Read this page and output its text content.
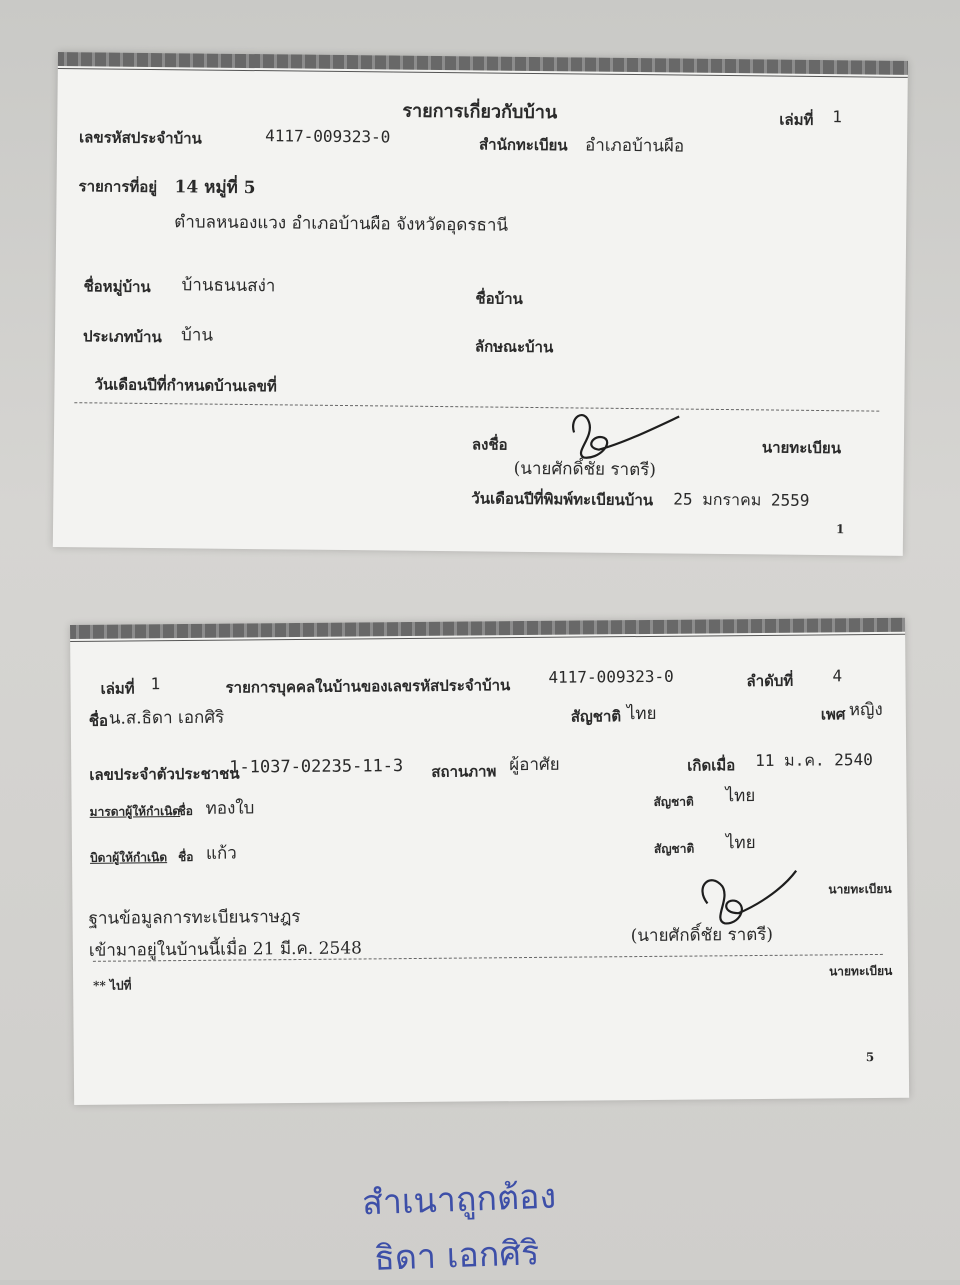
รายการเกี่ยวกับบ้าน	เล่มที่ 1
เลขรหัสประจำบ้าน	4117-009323-0	สำนักทะเบียน อำเภอบ้านผือ
รายการที่อยู่ 14 หมู่ที่ 5
ตำบลหนองแวง อำเภอบ้านผือ จังหวัดอุดรธานี
ชื่อหมู่บ้าน บ้านธนนสง่า
ชื่อบ้าน
ประเภทบ้าน บ้าน
ลักษณะบ้าน
วันเดือนปีที่กำหนดบ้านเลขที่
ลงชื่อ	นายทะเบียน
(นายศักดิ์ชัย ราตรี)
วันเดือนปีที่พิมพ์ทะเบียนบ้าน 25 มกราคม 2559
1
เล่มที่ 1	รายการบุคคลในบ้านของเลขรหัสประจำบ้าน 4117-009323-0	ลำดับที่ 4
ชื่อ น.ส.ธิดา เอกศิริ	สัญชาติ ไทย	เพศ หญิง
เลขประจำตัวประชาชน
1-1037-02235-11-3 สถานภาพ ผู้อาศัย	เกิดเมื่อ 11 ม.ค. 2540
มารดาผู้ให้กำเนิด
ชื่อ ทองใบ	สัญชาติ ไทย
บิดาผู้ให้กำเนิด ชื่อ แก้ว	สัญชาติ ไทย
นายทะเบียน
ฐานข้อมูลการทะเบียนราษฎร
เข้ามาอยู่ในบ้านนี้เมื่อ 21 มี.ค. 2548
(นายศักดิ์ชัย ราตรี)
** ไปที่
นายทะเบียน
5
สำเนาถูกต้อง
ธิดา เอกศิริ
